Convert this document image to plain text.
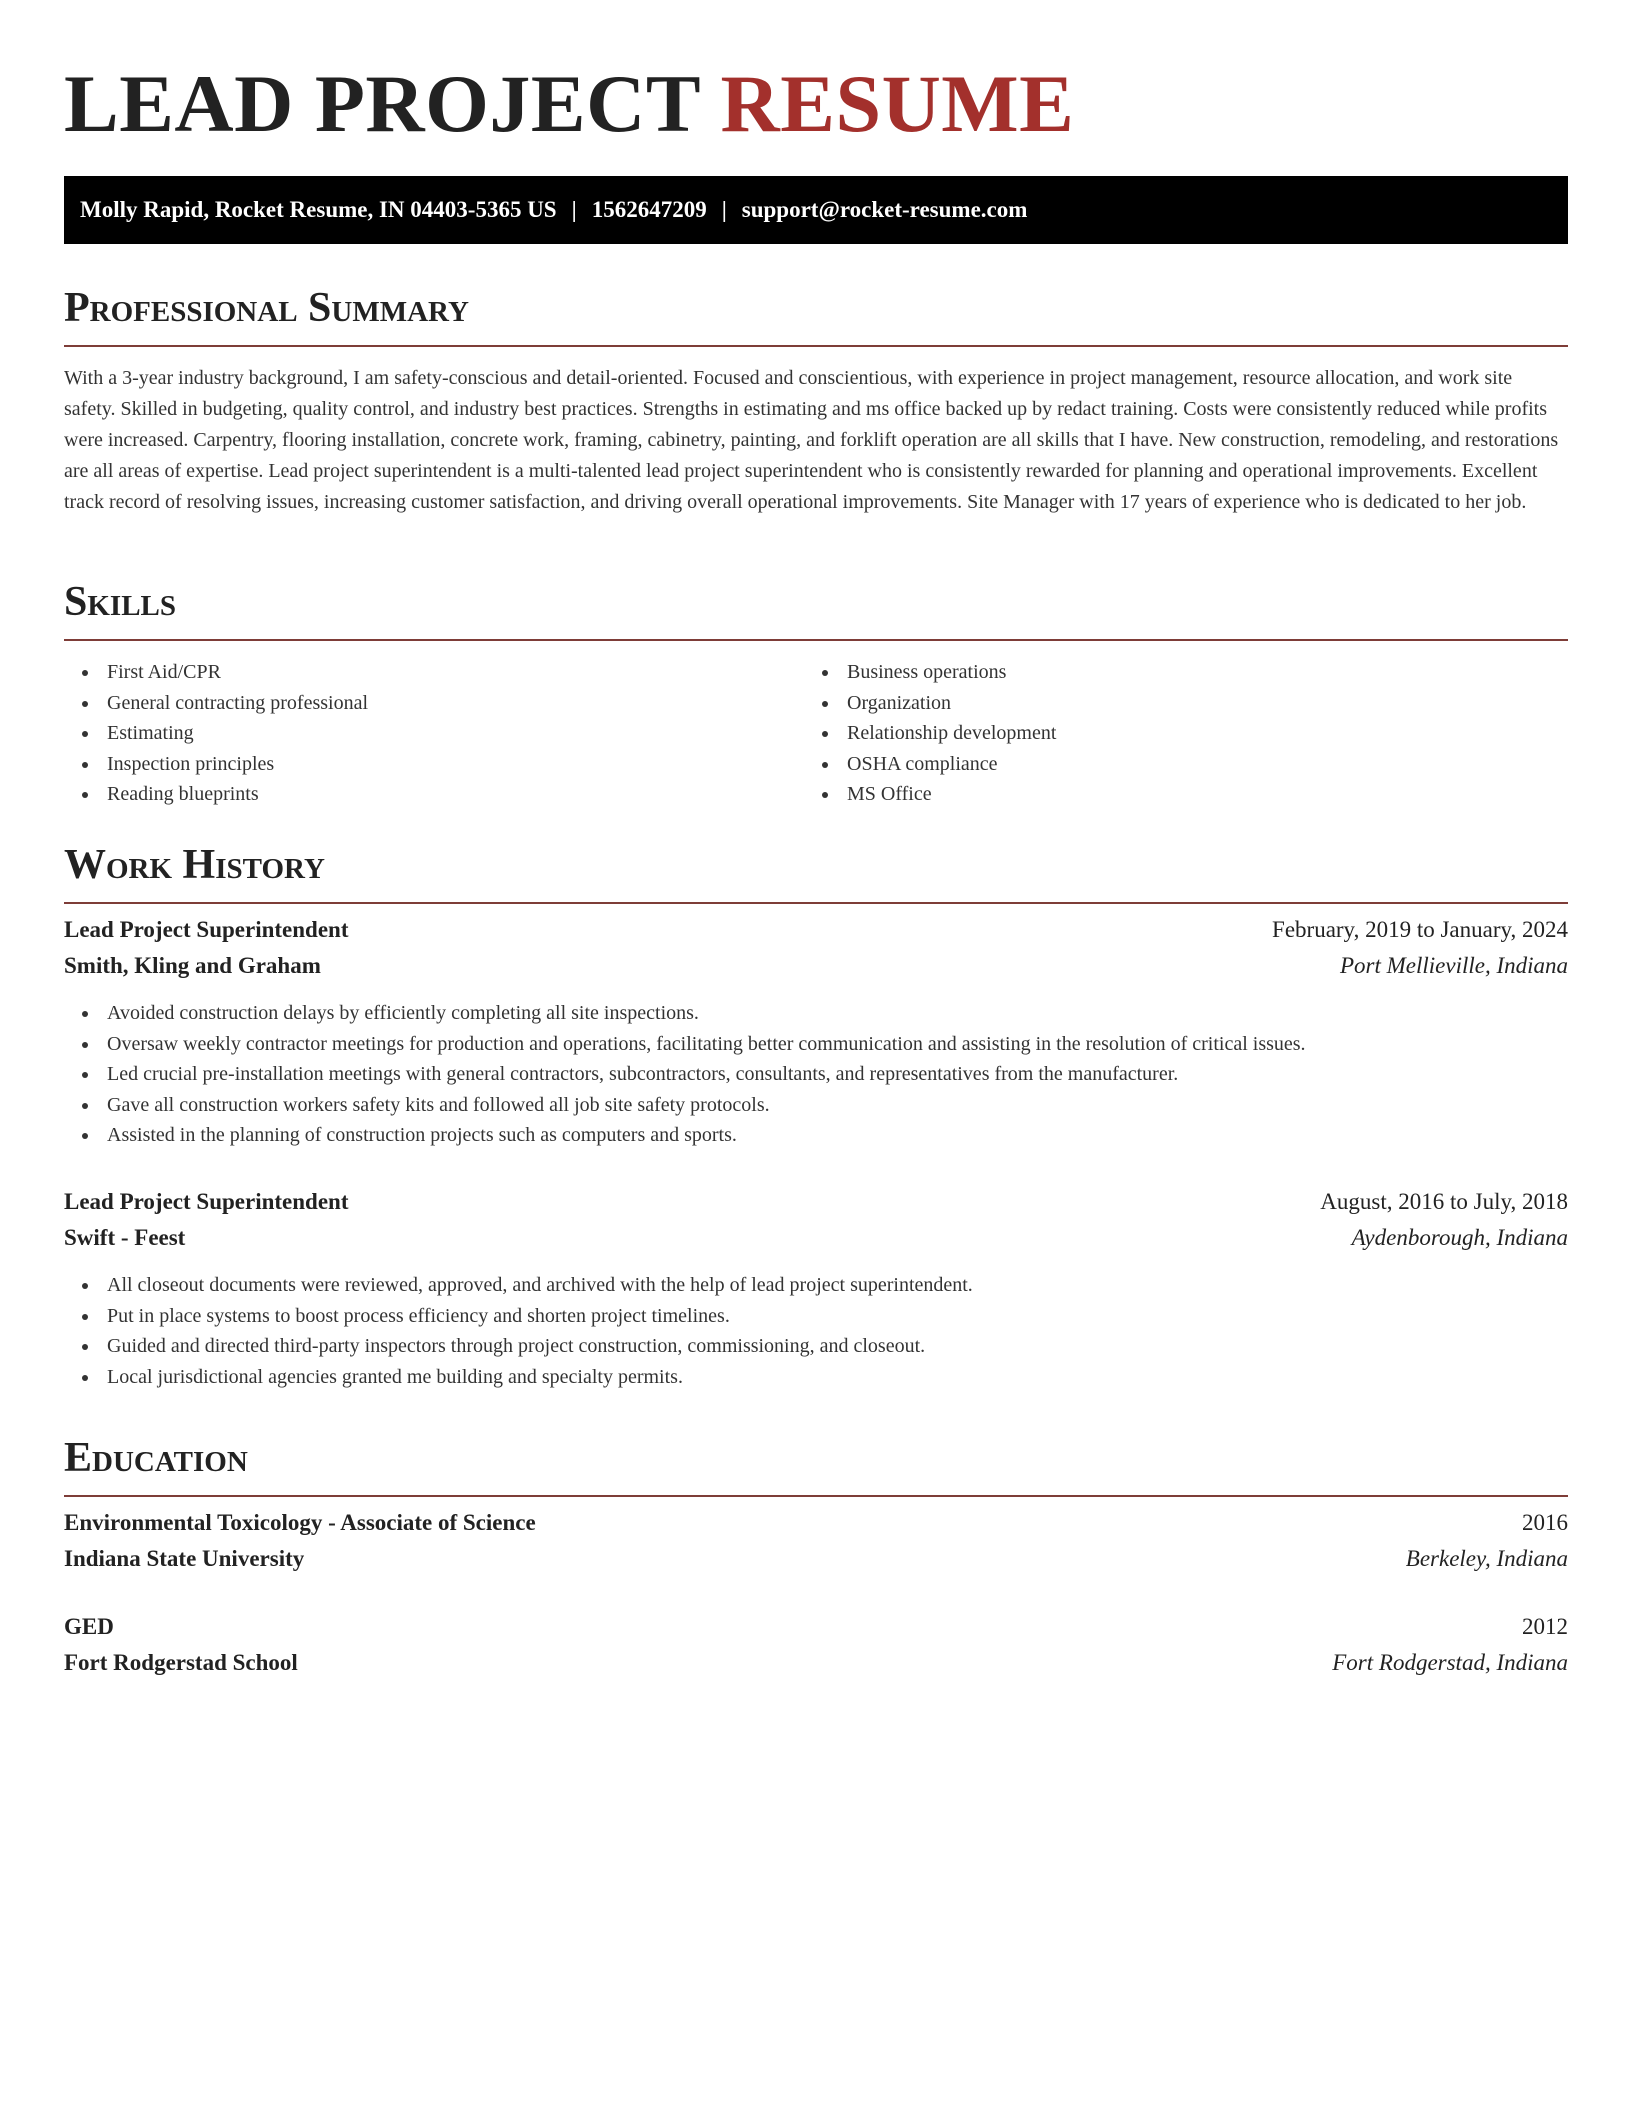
LEAD PROJECT RESUME
Molly Rapid, Rocket Resume, IN 04403-5365 US | 1562647209 | support@rocket-resume.com
Professional Summary

With a 3-year industry background, I am safety-conscious and detail-oriented. Focused and conscientious, with experience in project management, resource allocation, and work site safety. Skilled in budgeting, quality control, and industry best practices. Strengths in estimating and ms office backed up by redact training. Costs were consistently reduced while profits were increased. Carpentry, flooring installation, concrete work, framing, cabinetry, painting, and forklift operation are all skills that I have. New construction, remodeling, and restorations are all areas of expertise. Lead project superintendent is a multi-talented lead project superintendent who is consistently rewarded for planning and operational improvements. Excellent track record of resolving issues, increasing customer satisfaction, and driving overall operational improvements. Site Manager with 17 years of experience who is dedicated to her job.

Skills
First Aid/CPR
General contracting professional
Estimating
Inspection principles
Reading blueprints
Business operations
Organization
Relationship development
OSHA compliance
MS Office
Work History
Lead Project Superintendent	February, 2019 to January, 2024
Smith, Kling and Graham	Port Mellieville, Indiana
Avoided construction delays by efficiently completing all site inspections.
Oversaw weekly contractor meetings for production and operations, facilitating better communication and assisting in the resolution of critical issues.
Led crucial pre-installation meetings with general contractors, subcontractors, consultants, and representatives from the manufacturer.
Gave all construction workers safety kits and followed all job site safety protocols.
Assisted in the planning of construction projects such as computers and sports.
Lead Project Superintendent	August, 2016 to July, 2018
Swift - Feest	Aydenborough, Indiana
All closeout documents were reviewed, approved, and archived with the help of lead project superintendent.
Put in place systems to boost process efficiency and shorten project timelines.
Guided and directed third-party inspectors through project construction, commissioning, and closeout.
Local jurisdictional agencies granted me building and specialty permits.
Education
Environmental Toxicology - Associate of Science	2016
Indiana State University	Berkeley, Indiana
GED	2012
Fort Rodgerstad School	Fort Rodgerstad, Indiana
